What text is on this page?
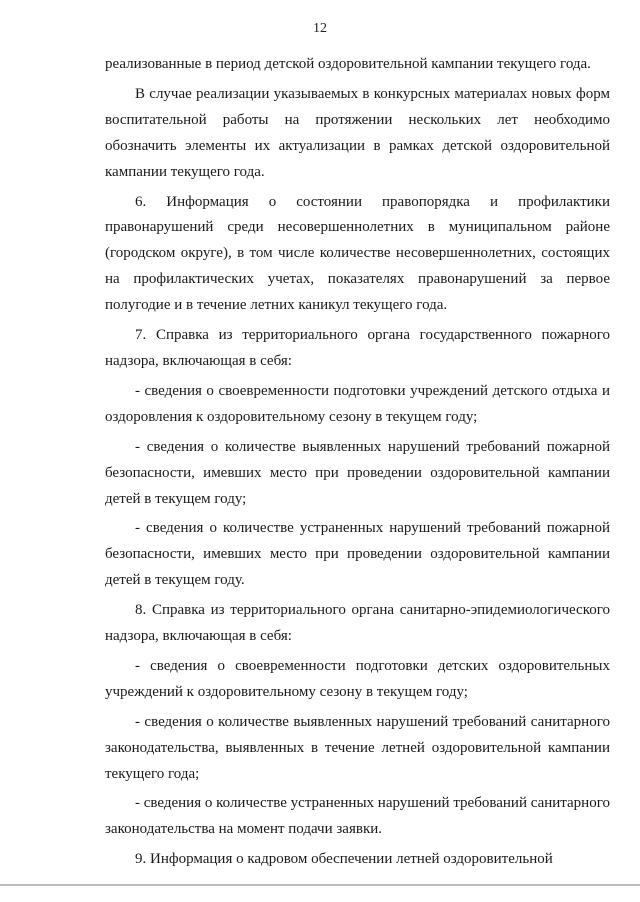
12

реализованные в период детской оздоровительной кампании текущего года.

В случае реализации указываемых в конкурсных материалах новых форм воспитательной работы на протяжении нескольких лет необходимо обозначить элементы их актуализации в рамках детской оздоровительной кампании текущего года.

6. Информация о состоянии правопорядка и профилактики правонарушений среди несовершеннолетних в муниципальном районе (городском округе), в том числе количестве несовершеннолетних, состоящих на профилактических учетах, показателях правонарушений за первое полугодие и в течение летних каникул текущего года.

7. Справка из территориального органа государственного пожарного надзора, включающая в себя:

- сведения о своевременности подготовки учреждений детского отдыха и оздоровления к оздоровительному сезону в текущем году;

- сведения о количестве выявленных нарушений требований пожарной безопасности, имевших место при проведении оздоровительной кампании детей в текущем году;

- сведения о количестве устраненных нарушений требований пожарной безопасности, имевших место при проведении оздоровительной кампании детей в текущем году.

8. Справка из территориального органа санитарно-эпидемиологического надзора, включающая в себя:

- сведения о своевременности подготовки детских оздоровительных учреждений к оздоровительному сезону в текущем году;

- сведения о количестве выявленных нарушений требований санитарного законодательства, выявленных в течение летней оздоровительной кампании текущего года;

- сведения о количестве устраненных нарушений требований санитарного законодательства на момент подачи заявки.

9. Информация о кадровом обеспечении летней оздоровительной
